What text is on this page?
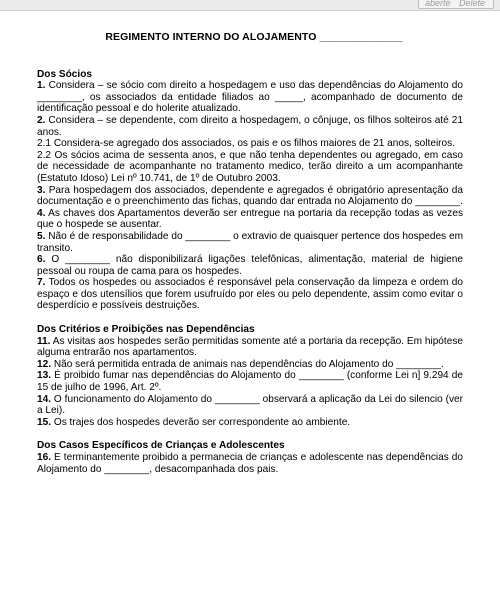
aberte Delete
REGIMENTO INTERNO DO ALOJAMENTO ______________
Dos Sócios

1. Considera – se sócio com direito a hospedagem e uso das dependências do Alojamento do ________, os associados da entidade filiados ao _____, acompanhado de documento de identificação pessoal e do holerite atualizado.

2. Considera – se dependente, com direito a hospedagem, o cônjuge, os filhos solteiros até 21 anos.

2.1 Considera-se agregado dos associados, os pais e os filhos maiores de 21 anos, solteiros.

2.2 Os sócios acima de sessenta anos, e que não tenha dependentes ou agregado, em caso de necessidade de acompanhante no tratamento medico, terão direito a um acompanhante (Estatuto Idoso) Lei nº 10.741, de 1º de Outubro 2003.

3. Para hospedagem dos associados, dependente e agregados é obrigatório apresentação da documentação e o preenchimento das fichas, quando dar entrada no Alojamento do ________.

4. As chaves dos Apartamentos deverão ser entregue na portaria da recepção todas as vezes que o hospede se ausentar.

5. Não é de responsabilidade do ________ o extravio de quaisquer pertence dos hospedes em transito.

6. O ________ não disponibilizará ligações telefônicas, alimentação, material de higiene pessoal ou roupa de cama para os hospedes.

7. Todos os hospedes ou associados é responsável pela conservação da limpeza e ordem do espaço e dos utensílios que forem usufruído por eles ou pelo dependente, assim como evitar o desperdício e possíveis destruições.

Dos Critérios e Proibições nas Dependências

11. As visitas aos hospedes serão permitidas somente até a portaria da recepção. Em hipótese alguma entrarão nos apartamentos.

12. Não será permitida entrada de animais nas dependências do Alojamento do ________.

13. É proibido fumar nas dependências do Alojamento do ________ (conforme Lei n] 9.294 de 15 de julho de 1996, Art. 2º.

14. O funcionamento do Alojamento do ________ observará a aplicação da Lei do silencio (ver a Lei).

15. Os trajes dos hospedes deverão ser correspondente ao ambiente.

Dos Casos Específicos de Crianças e Adolescentes

16. E terminantemente proibido a permanecia de crianças e adolescente nas dependências do Alojamento do ________, desacompanhada dos pais.
